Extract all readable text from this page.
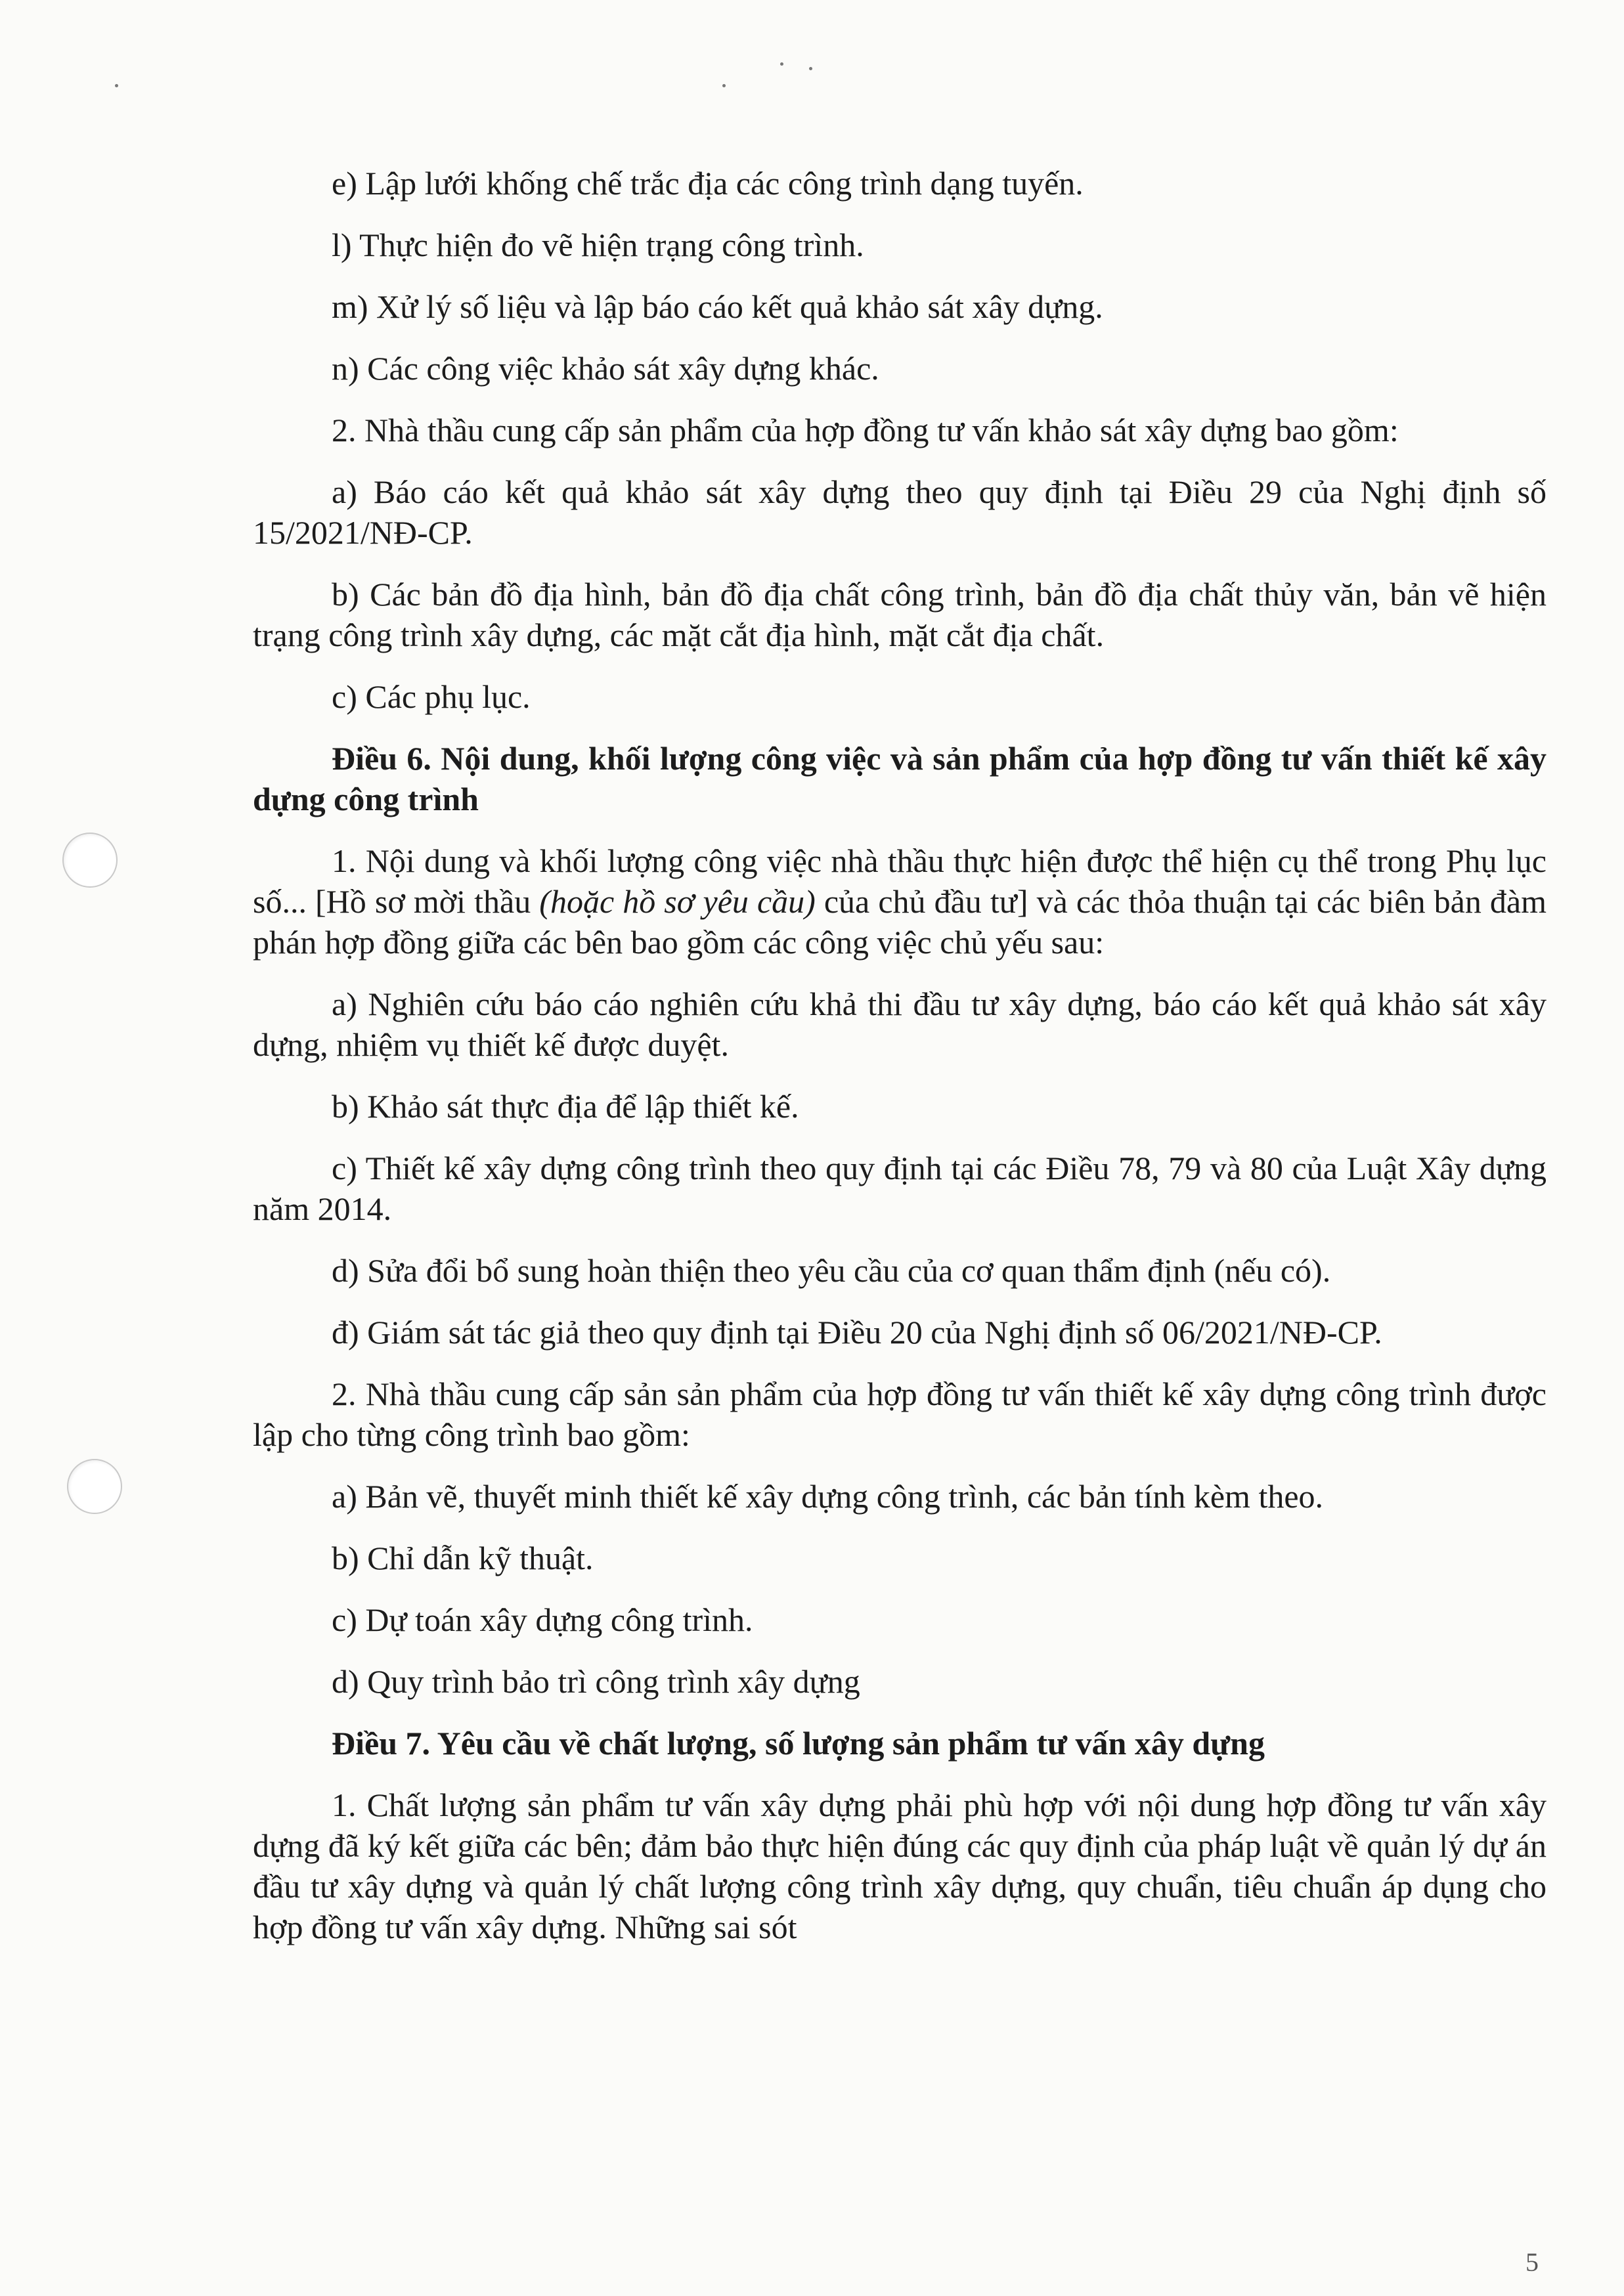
e) Lập lưới khống chế trắc địa các công trình dạng tuyến.

l) Thực hiện đo vẽ hiện trạng công trình.

m) Xử lý số liệu và lập báo cáo kết quả khảo sát xây dựng.

n) Các công việc khảo sát xây dựng khác.

2. Nhà thầu cung cấp sản phẩm của hợp đồng tư vấn khảo sát xây dựng bao gồm:

a) Báo cáo kết quả khảo sát xây dựng theo quy định tại Điều 29 của Nghị định số 15/2021/NĐ-CP.

b) Các bản đồ địa hình, bản đồ địa chất công trình, bản đồ địa chất thủy văn, bản vẽ hiện trạng công trình xây dựng, các mặt cắt địa hình, mặt cắt địa chất.

c) Các phụ lục.

Điều 6. Nội dung, khối lượng công việc và sản phẩm của hợp đồng tư vấn thiết kế xây dựng công trình

1. Nội dung và khối lượng công việc nhà thầu thực hiện được thể hiện cụ thể trong Phụ lục số... [Hồ sơ mời thầu (hoặc hồ sơ yêu cầu) của chủ đầu tư] và các thỏa thuận tại các biên bản đàm phán hợp đồng giữa các bên bao gồm các công việc chủ yếu sau:

a) Nghiên cứu báo cáo nghiên cứu khả thi đầu tư xây dựng, báo cáo kết quả khảo sát xây dựng, nhiệm vụ thiết kế được duyệt.

b) Khảo sát thực địa để lập thiết kế.

c) Thiết kế xây dựng công trình theo quy định tại các Điều 78, 79 và 80 của Luật Xây dựng năm 2014.

d) Sửa đổi bổ sung hoàn thiện theo yêu cầu của cơ quan thẩm định (nếu có).

đ) Giám sát tác giả theo quy định tại Điều 20 của Nghị định số 06/2021/NĐ-CP.

2. Nhà thầu cung cấp sản sản phẩm của hợp đồng tư vấn thiết kế xây dựng công trình được lập cho từng công trình bao gồm:

a) Bản vẽ, thuyết minh thiết kế xây dựng công trình, các bản tính kèm theo.

b) Chỉ dẫn kỹ thuật.

c) Dự toán xây dựng công trình.

d) Quy trình bảo trì công trình xây dựng

Điều 7. Yêu cầu về chất lượng, số lượng sản phẩm tư vấn xây dựng

1. Chất lượng sản phẩm tư vấn xây dựng phải phù hợp với nội dung hợp đồng tư vấn xây dựng đã ký kết giữa các bên; đảm bảo thực hiện đúng các quy định của pháp luật về quản lý dự án đầu tư xây dựng và quản lý chất lượng công trình xây dựng, quy chuẩn, tiêu chuẩn áp dụng cho hợp đồng tư vấn xây dựng. Những sai sót

5
